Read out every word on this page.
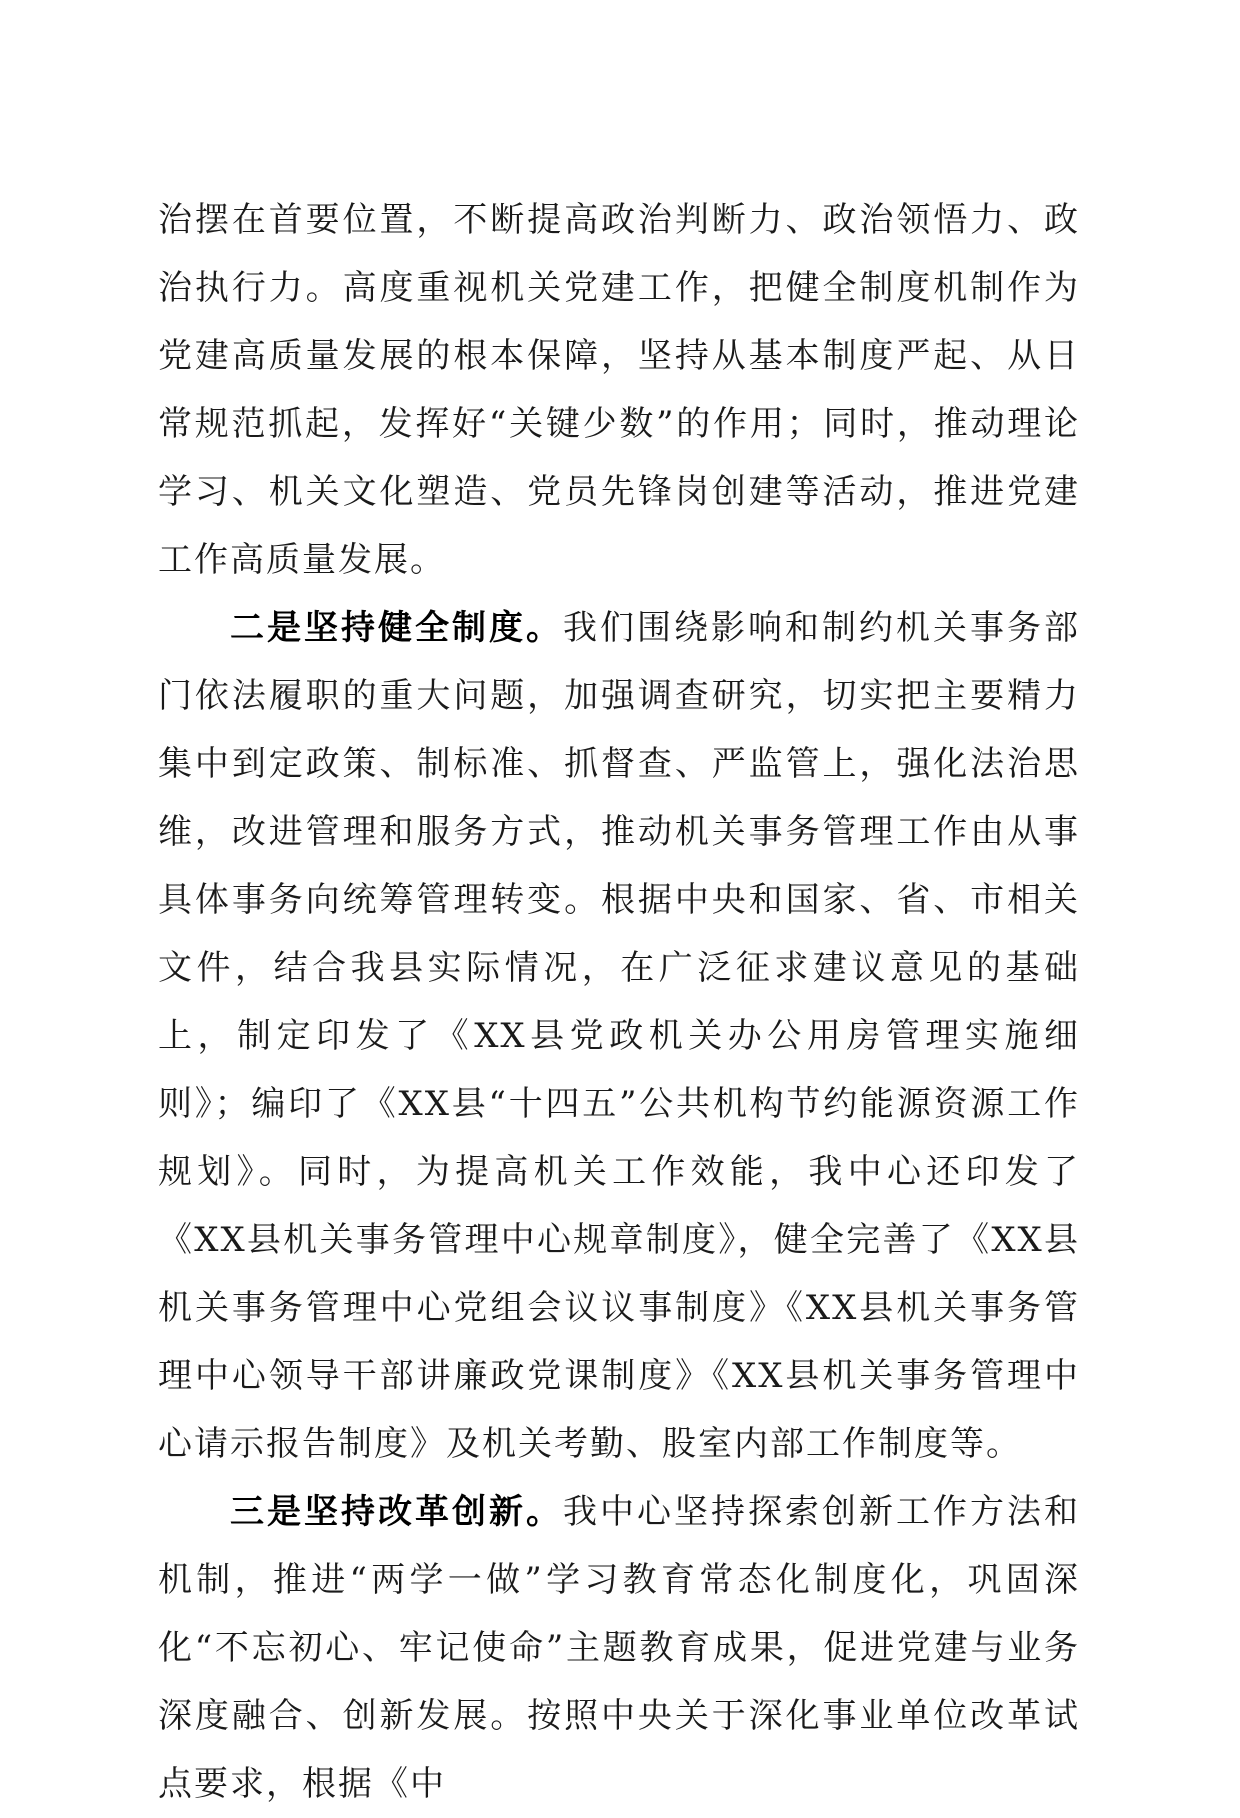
治摆在首要位置，不断提高政治判断力、政治领悟力、政治执行力。高度重视机关党建工作，把健全制度机制作为党建高质量发展的根本保障，坚持从基本制度严起、从日常规范抓起，发挥好“关键少数”的作用；同时，推动理论学习、机关文化塑造、党员先锋岗创建等活动，推进党建工作高质量发展。

二是坚持健全制度。我们围绕影响和制约机关事务部门依法履职的重大问题，加强调查研究，切实把主要精力集中到定政策、制标准、抓督查、严监管上，强化法治思维，改进管理和服务方式，推动机关事务管理工作由从事具体事务向统筹管理转变。根据中央和国家、省、市相关文件，结合我县实际情况，在广泛征求建议意见的基础上，制定印发了《XX县党政机关办公用房管理实施细则》；编印了《XX县“十四五”公共机构节约能源资源工作规划》。同时，为提高机关工作效能，我中心还印发了《XX县机关事务管理中心规章制度》，健全完善了《XX县机关事务管理中心党组会议议事制度》《XX县机关事务管理中心领导干部讲廉政党课制度》《XX县机关事务管理中心请示报告制度》及机关考勤、股室内部工作制度等。

三是坚持改革创新。我中心坚持探索创新工作方法和机制，推进“两学一做”学习教育常态化制度化，巩固深化“不忘初心、牢记使命”主题教育成果，促进党建与业务深度融合、创新发展。按照中央关于深化事业单位改革试点要求，根据《中
